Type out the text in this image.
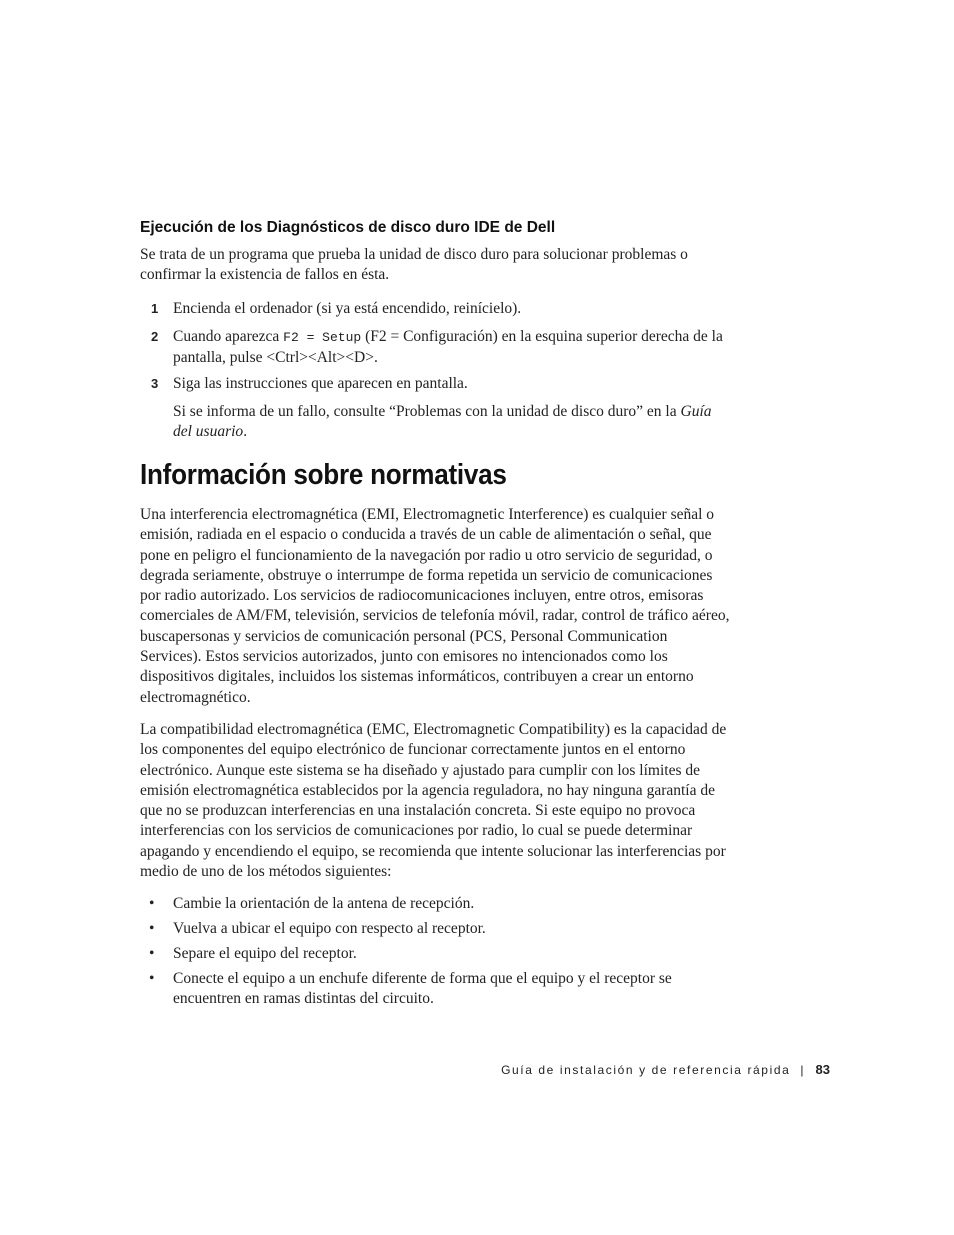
Ejecución de los Diagnósticos de disco duro IDE de Dell

Se trata de un programa que prueba la unidad de disco duro para solucionar problemas o confirmar la existencia de fallos en ésta.

1 Encienda el ordenador (si ya está encendido, reinícielo).
2 Cuando aparezca F2 = Setup (F2 = Configuración) en la esquina superior derecha de la pantalla, pulse <Ctrl><Alt><D>.
3 Siga las instrucciones que aparecen en pantalla.
Si se informa de un fallo, consulte “Problemas con la unidad de disco duro” en la Guía del usuario.
Información sobre normativas

Una interferencia electromagnética (EMI, Electromagnetic Interference) es cualquier señal o emisión, radiada en el espacio o conducida a través de un cable de alimentación o señal, que pone en peligro el funcionamiento de la navegación por radio u otro servicio de seguridad, o degrada seriamente, obstruye o interrumpe de forma repetida un servicio de comunicaciones por radio autorizado. Los servicios de radiocomunicaciones incluyen, entre otros, emisoras comerciales de AM/FM, televisión, servicios de telefonía móvil, radar, control de tráfico aéreo, buscapersonas y servicios de comunicación personal (PCS, Personal Communication Services). Estos servicios autorizados, junto con emisores no intencionados como los dispositivos digitales, incluidos los sistemas informáticos, contribuyen a crear un entorno electromagnético.

La compatibilidad electromagnética (EMC, Electromagnetic Compatibility) es la capacidad de los componentes del equipo electrónico de funcionar correctamente juntos en el entorno electrónico. Aunque este sistema se ha diseñado y ajustado para cumplir con los límites de emisión electromagnética establecidos por la agencia reguladora, no hay ninguna garantía de que no se produzcan interferencias en una instalación concreta. Si este equipo no provoca interferencias con los servicios de comunicaciones por radio, lo cual se puede determinar apagando y encendiendo el equipo, se recomienda que intente solucionar las interferencias por medio de uno de los métodos siguientes:

• Cambie la orientación de la antena de recepción.
• Vuelva a ubicar el equipo con respecto al receptor.
• Separe el equipo del receptor.
• Conecte el equipo a un enchufe diferente de forma que el equipo y el receptor se encuentren en ramas distintas del circuito.
Guía de instalación y de referencia rápida | 83
